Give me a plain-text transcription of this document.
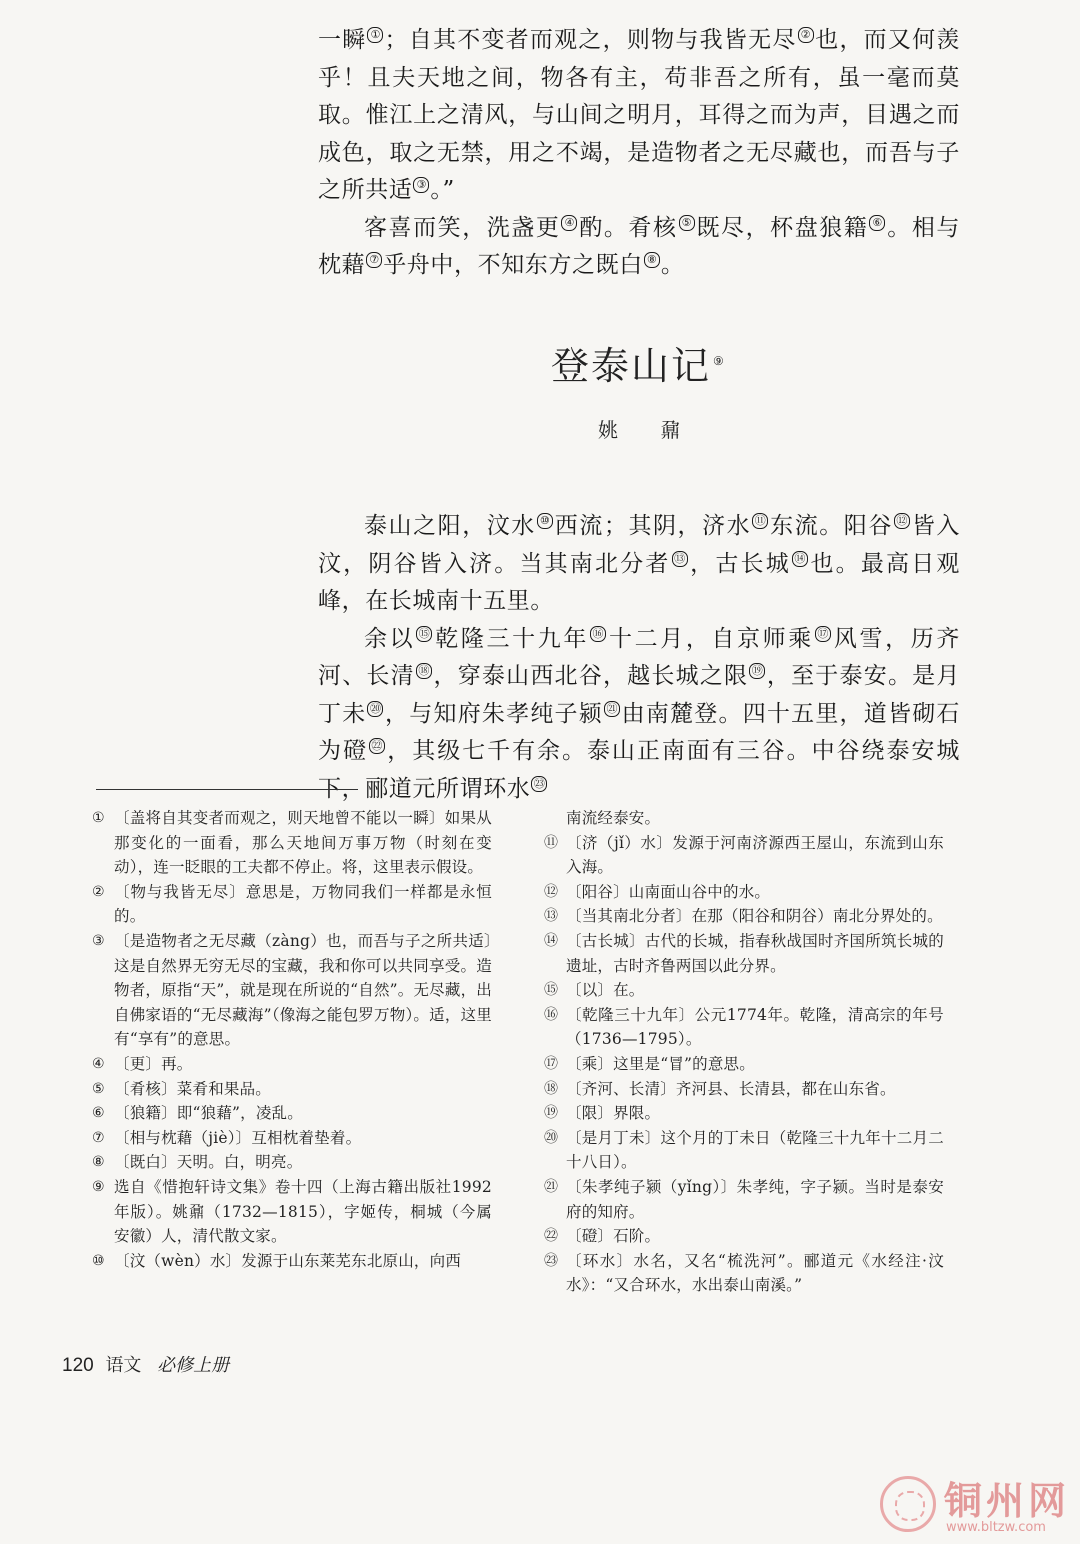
一瞬 ① ；自其不变者而观之，则物与我皆无尽 ② 也，而又何羡乎！且夫天地之间，物各有主，苟非吾之所有，虽一毫而莫取。惟江上之清风，与山间之明月，耳得之而为声，目遇之而成色，取之无禁，用之不竭，是造物者之无尽藏也，而吾与子之所共适 ③ 。”

客喜而笑，洗盏更 ④ 酌。肴核 ⑤ 既尽，杯盘狼籍 ⑥ 。相与枕藉 ⑦ 乎舟中，不知东方之既白 ⑧ 。

登泰山记 ⑨
姚 鼐

泰山之阳，汶水 ⑩ 西流；其阴，济水 ⑪ 东流。阳谷 ⑫ 皆入汶，阴谷皆入济。当其南北分者 ⑬ ，古长城 ⑭ 也。最高日观峰，在长城南十五里。

余以 ⑮ 乾隆三十九年 ⑯ 十二月，自京师乘 ⑰ 风雪，历齐河、长清 ⑱ ，穿泰山西北谷，越长城之限 ⑲ ，至于泰安。是月丁未 ⑳ ，与知府朱孝纯子颍 $^㉑$ 由南麓登。四十五里，道皆砌石为磴 $^㉒$ ，其级七千有余。泰山正南面有三谷。中谷绕泰安城下，郦道元所谓环水 $^㉓$

① 〔盖将自其变者而观之，则天地曾不能以一瞬〕如果从那变化的一面看，那么天地间万事万物（时刻在变动），连一眨眼的工夫都不停止。将，这里表示假设。
② 〔物与我皆无尽〕意思是，万物同我们一样都是永恒的。
③ 〔是造物者之无尽藏（zàng）也，而吾与子之所共适〕这是自然界无穷无尽的宝藏，我和你可以共同享受。造物者，原指“天”，就是现在所说的“自然”。无尽藏，出自佛家语的“无尽藏海”（像海之能包罗万物）。适，这里有“享有”的意思。
④ 〔更〕再。
⑤ 〔肴核〕菜肴和果品。
⑥ 〔狼籍〕即“狼藉”，凌乱。
⑦ 〔相与枕藉（jiè）〕互相枕着垫着。
⑧ 〔既白〕天明。白，明亮。
⑨ 选自《惜抱轩诗文集》卷十四（上海古籍出版社1992年版）。姚鼐（1732—1815），字姬传，桐城（今属安徽）人，清代散文家。
⑩ 〔汶（wèn）水〕发源于山东莱芜东北原山，向西
南流经泰安。
⑪ 〔济（jǐ）水〕发源于河南济源西王屋山，东流到山东入海。
⑫ 〔阳谷〕山南面山谷中的水。
⑬ 〔当其南北分者〕在那（阳谷和阴谷）南北分界处的。
⑭ 〔古长城〕古代的长城，指春秋战国时齐国所筑长城的遗址，古时齐鲁两国以此分界。
⑮ 〔以〕在。
⑯ 〔乾隆三十九年〕公元1774年。乾隆，清高宗的年号（1736—1795）。
⑰ 〔乘〕这里是“冒”的意思。
⑱ 〔齐河、长清〕齐河县、长清县，都在山东省。
⑲ 〔限〕界限。
⑳ 〔是月丁未〕这个月的丁未日（乾隆三十九年十二月二十八日）。
㉑ 〔朱孝纯子颍（yǐng）〕朱孝纯，字子颍。当时是泰安府的知府。
㉒ 〔磴〕石阶。
㉓ 〔环水〕水名，又名“梳洗河”。郦道元《水经注·汶水》：“又合环水，水出泰山南溪。”
120 语文 必修上册
铜州网
www.bltzw.com
